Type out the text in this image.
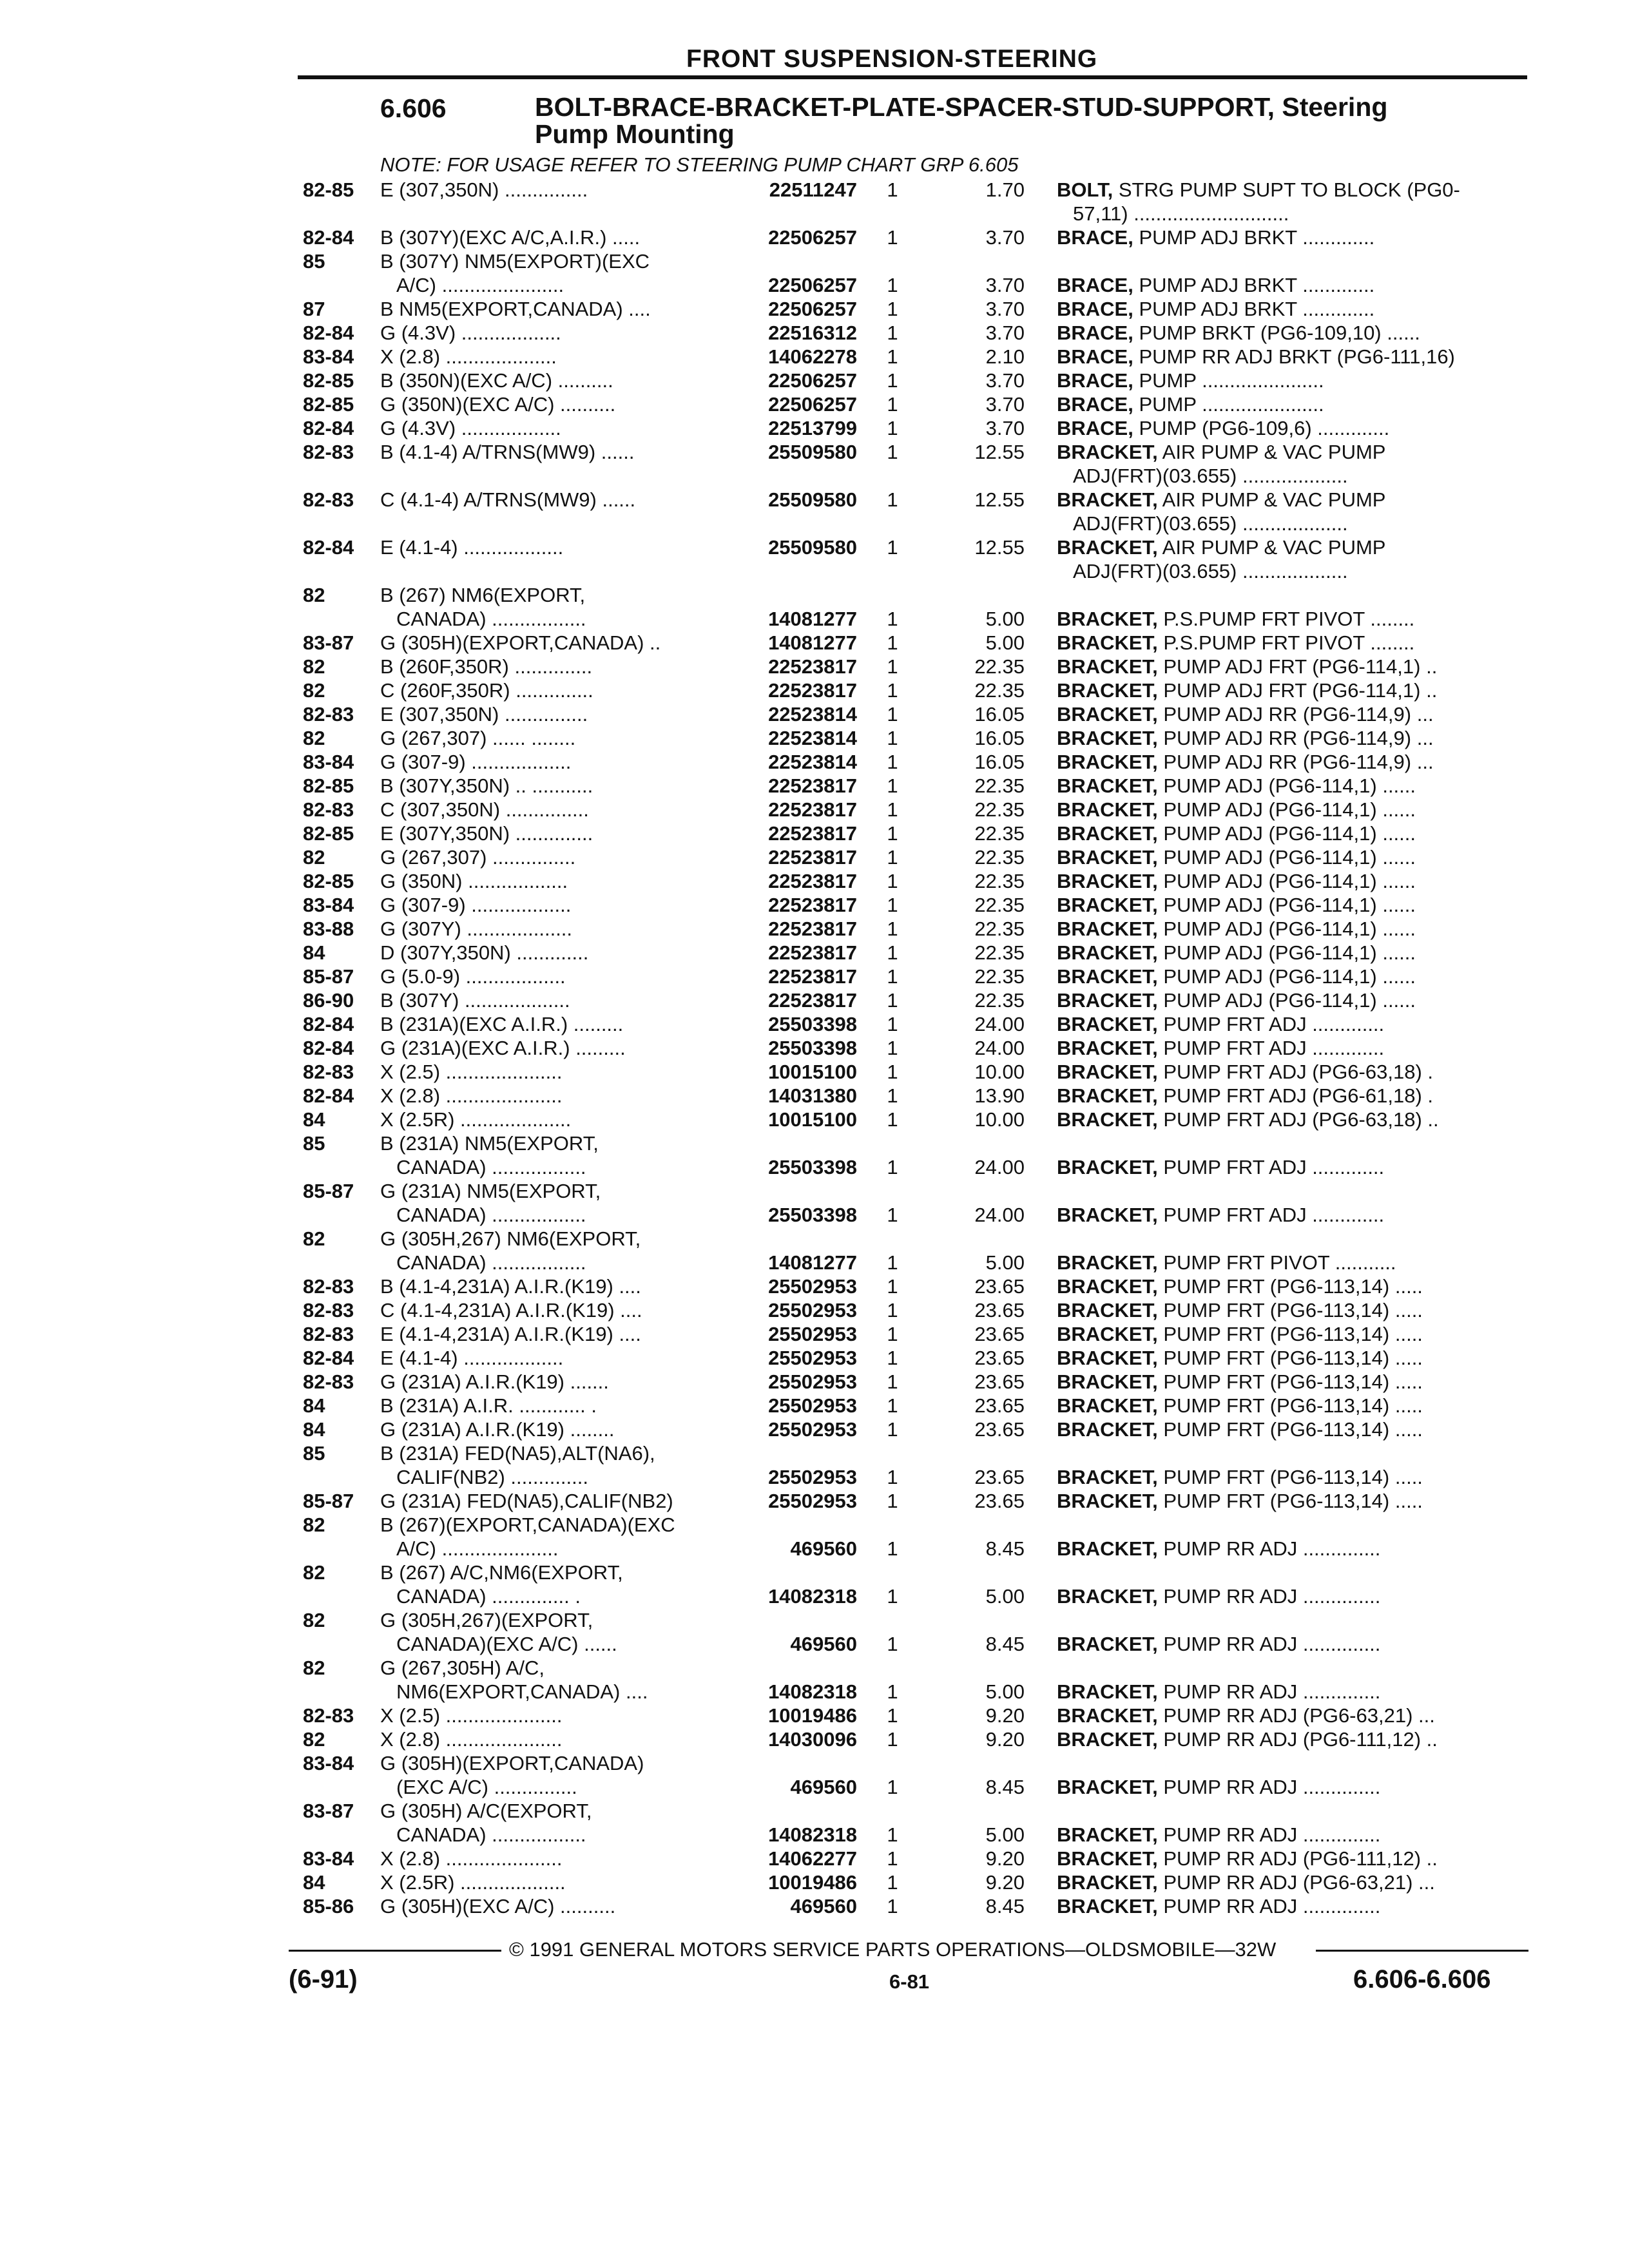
FRONT SUSPENSION-STEERING
6.606	BOLT-BRACE-BRACKET-PLATE-SPACER-STUD-SUPPORT, Steering
Pump Mounting
NOTE: FOR USAGE REFER TO STEERING PUMP CHART GRP 6.605
82-85 E (307,350N) ...............	22511247 1	1.70 BOLT, STRG PUMP SUPT TO BLOCK (PG0-
57,11) ............................
82-84 B (307Y)(EXC A/C,A.I.R.) .....	22506257 1	3.70 BRACE, PUMP ADJ BRKT .............
85	B (307Y) NM5(EXPORT)(EXC
A/C) ......................	22506257 1	3.70 BRACE, PUMP ADJ BRKT .............
87	B NM5(EXPORT,CANADA) ....	22506257 1	3.70 BRACE, PUMP ADJ BRKT .............
82-84 G (4.3V) ..................	22516312 1	3.70 BRACE, PUMP BRKT (PG6-109,10) ......
83-84 X (2.8) ....................	14062278 1	2.10 BRACE, PUMP RR ADJ BRKT (PG6-111,16)
82-85 B (350N)(EXC A/C) ..........	22506257 1	3.70 BRACE, PUMP ......................
82-85 G (350N)(EXC A/C) ..........	22506257 1	3.70 BRACE, PUMP ......................
82-84 G (4.3V) ..................	22513799 1	3.70 BRACE, PUMP (PG6-109,6) .............
82-83 B (4.1-4) A/TRNS(MW9) ......	25509580 1	12.55 BRACKET, AIR PUMP & VAC PUMP
ADJ(FRT)(03.655) ...................
82-83 C (4.1-4) A/TRNS(MW9) ......	25509580 1	12.55 BRACKET, AIR PUMP & VAC PUMP
ADJ(FRT)(03.655) ...................
82-84 E (4.1-4) ..................	25509580 1	12.55 BRACKET, AIR PUMP & VAC PUMP
ADJ(FRT)(03.655) ...................
82	B (267) NM6(EXPORT,
CANADA) .................	14081277 1	5.00 BRACKET, P.S.PUMP FRT PIVOT ........
83-87 G (305H)(EXPORT,CANADA) ..	14081277 1	5.00 BRACKET, P.S.PUMP FRT PIVOT ........
82	B (260F,350R) ..............	22523817 1	22.35 BRACKET, PUMP ADJ FRT (PG6-114,1) ..
82	C (260F,350R) ..............	22523817 1	22.35 BRACKET, PUMP ADJ FRT (PG6-114,1) ..
82-83 E (307,350N) ...............	22523814 1	16.05 BRACKET, PUMP ADJ RR (PG6-114,9) ...
82	G (267,307) ...... ........	22523814 1	16.05 BRACKET, PUMP ADJ RR (PG6-114,9) ...
83-84 G (307-9) ..................	22523814 1	16.05 BRACKET, PUMP ADJ RR (PG6-114,9) ...
82-85 B (307Y,350N) .. ...........	22523817 1	22.35 BRACKET, PUMP ADJ (PG6-114,1) ......
82-83 C (307,350N) ...............	22523817 1	22.35 BRACKET, PUMP ADJ (PG6-114,1) ......
82-85 E (307Y,350N) ..............	22523817 1	22.35 BRACKET, PUMP ADJ (PG6-114,1) ......
82	G (267,307) ...............	22523817 1	22.35 BRACKET, PUMP ADJ (PG6-114,1) ......
82-85 G (350N) ..................	22523817 1	22.35 BRACKET, PUMP ADJ (PG6-114,1) ......
83-84 G (307-9) ..................	22523817 1	22.35 BRACKET, PUMP ADJ (PG6-114,1) ......
83-88 G (307Y) ...................	22523817 1	22.35 BRACKET, PUMP ADJ (PG6-114,1) ......
84	D (307Y,350N) .............	22523817 1	22.35 BRACKET, PUMP ADJ (PG6-114,1) ......
85-87 G (5.0-9) ..................	22523817 1	22.35 BRACKET, PUMP ADJ (PG6-114,1) ......
86-90 B (307Y) ...................	22523817 1	22.35 BRACKET, PUMP ADJ (PG6-114,1) ......
82-84 B (231A)(EXC A.I.R.) .........	25503398 1	24.00 BRACKET, PUMP FRT ADJ .............
82-84 G (231A)(EXC A.I.R.) .........	25503398 1	24.00 BRACKET, PUMP FRT ADJ .............
82-83 X (2.5) .....................	10015100 1	10.00 BRACKET, PUMP FRT ADJ (PG6-63,18) .
82-84 X (2.8) .....................	14031380 1	13.90 BRACKET, PUMP FRT ADJ (PG6-61,18) .
84	X (2.5R) ....................	10015100 1	10.00 BRACKET, PUMP FRT ADJ (PG6-63,18) ..
85	B (231A) NM5(EXPORT,
CANADA) .................	25503398 1	24.00 BRACKET, PUMP FRT ADJ .............
85-87 G (231A) NM5(EXPORT,
CANADA) .................	25503398 1	24.00 BRACKET, PUMP FRT ADJ .............
82	G (305H,267) NM6(EXPORT,
CANADA) .................	14081277 1	5.00 BRACKET, PUMP FRT PIVOT ...........
82-83 B (4.1-4,231A) A.I.R.(K19) ....	25502953 1	23.65 BRACKET, PUMP FRT (PG6-113,14) .....
82-83 C (4.1-4,231A) A.I.R.(K19) ....	25502953 1	23.65 BRACKET, PUMP FRT (PG6-113,14) .....
82-83 E (4.1-4,231A) A.I.R.(K19) ....	25502953 1	23.65 BRACKET, PUMP FRT (PG6-113,14) .....
82-84 E (4.1-4) ..................	25502953 1	23.65 BRACKET, PUMP FRT (PG6-113,14) .....
82-83 G (231A) A.I.R.(K19) .......	25502953 1	23.65 BRACKET, PUMP FRT (PG6-113,14) .....
84	B (231A) A.I.R. ............ .	25502953 1	23.65 BRACKET, PUMP FRT (PG6-113,14) .....
84	G (231A) A.I.R.(K19) ........	25502953 1	23.65 BRACKET, PUMP FRT (PG6-113,14) .....
85	B (231A) FED(NA5),ALT(NA6),
CALIF(NB2) ..............	25502953 1	23.65 BRACKET, PUMP FRT (PG6-113,14) .....
85-87 G (231A) FED(NA5),CALIF(NB2)	25502953 1	23.65 BRACKET, PUMP FRT (PG6-113,14) .....
82	B (267)(EXPORT,CANADA)(EXC
A/C) .....................	469560 1	8.45 BRACKET, PUMP RR ADJ ..............
82	B (267) A/C,NM6(EXPORT,
CANADA) .............. .	14082318 1	5.00 BRACKET, PUMP RR ADJ ..............
82	G (305H,267)(EXPORT,
CANADA)(EXC A/C) ......	469560 1	8.45 BRACKET, PUMP RR ADJ ..............
82	G (267,305H) A/C,
NM6(EXPORT,CANADA) ....	14082318 1	5.00 BRACKET, PUMP RR ADJ ..............
82-83 X (2.5) .....................	10019486 1	9.20 BRACKET, PUMP RR ADJ (PG6-63,21) ...
82	X (2.8) .....................	14030096 1	9.20 BRACKET, PUMP RR ADJ (PG6-111,12) ..
83-84 G (305H)(EXPORT,CANADA)
(EXC A/C) ...............	469560 1	8.45 BRACKET, PUMP RR ADJ ..............
83-87 G (305H) A/C(EXPORT,
CANADA) .................	14082318 1	5.00 BRACKET, PUMP RR ADJ ..............
83-84 X (2.8) .....................	14062277 1	9.20 BRACKET, PUMP RR ADJ (PG6-111,12) ..
84	X (2.5R) ...................	10019486 1	9.20 BRACKET, PUMP RR ADJ (PG6-63,21) ...
85-86 G (305H)(EXC A/C) ..........	469560 1	8.45 BRACKET, PUMP RR ADJ ..............
© 1991 GENERAL MOTORS SERVICE PARTS OPERATIONS—OLDSMOBILE—32W
(6-91)	6-81	6.606-6.606
